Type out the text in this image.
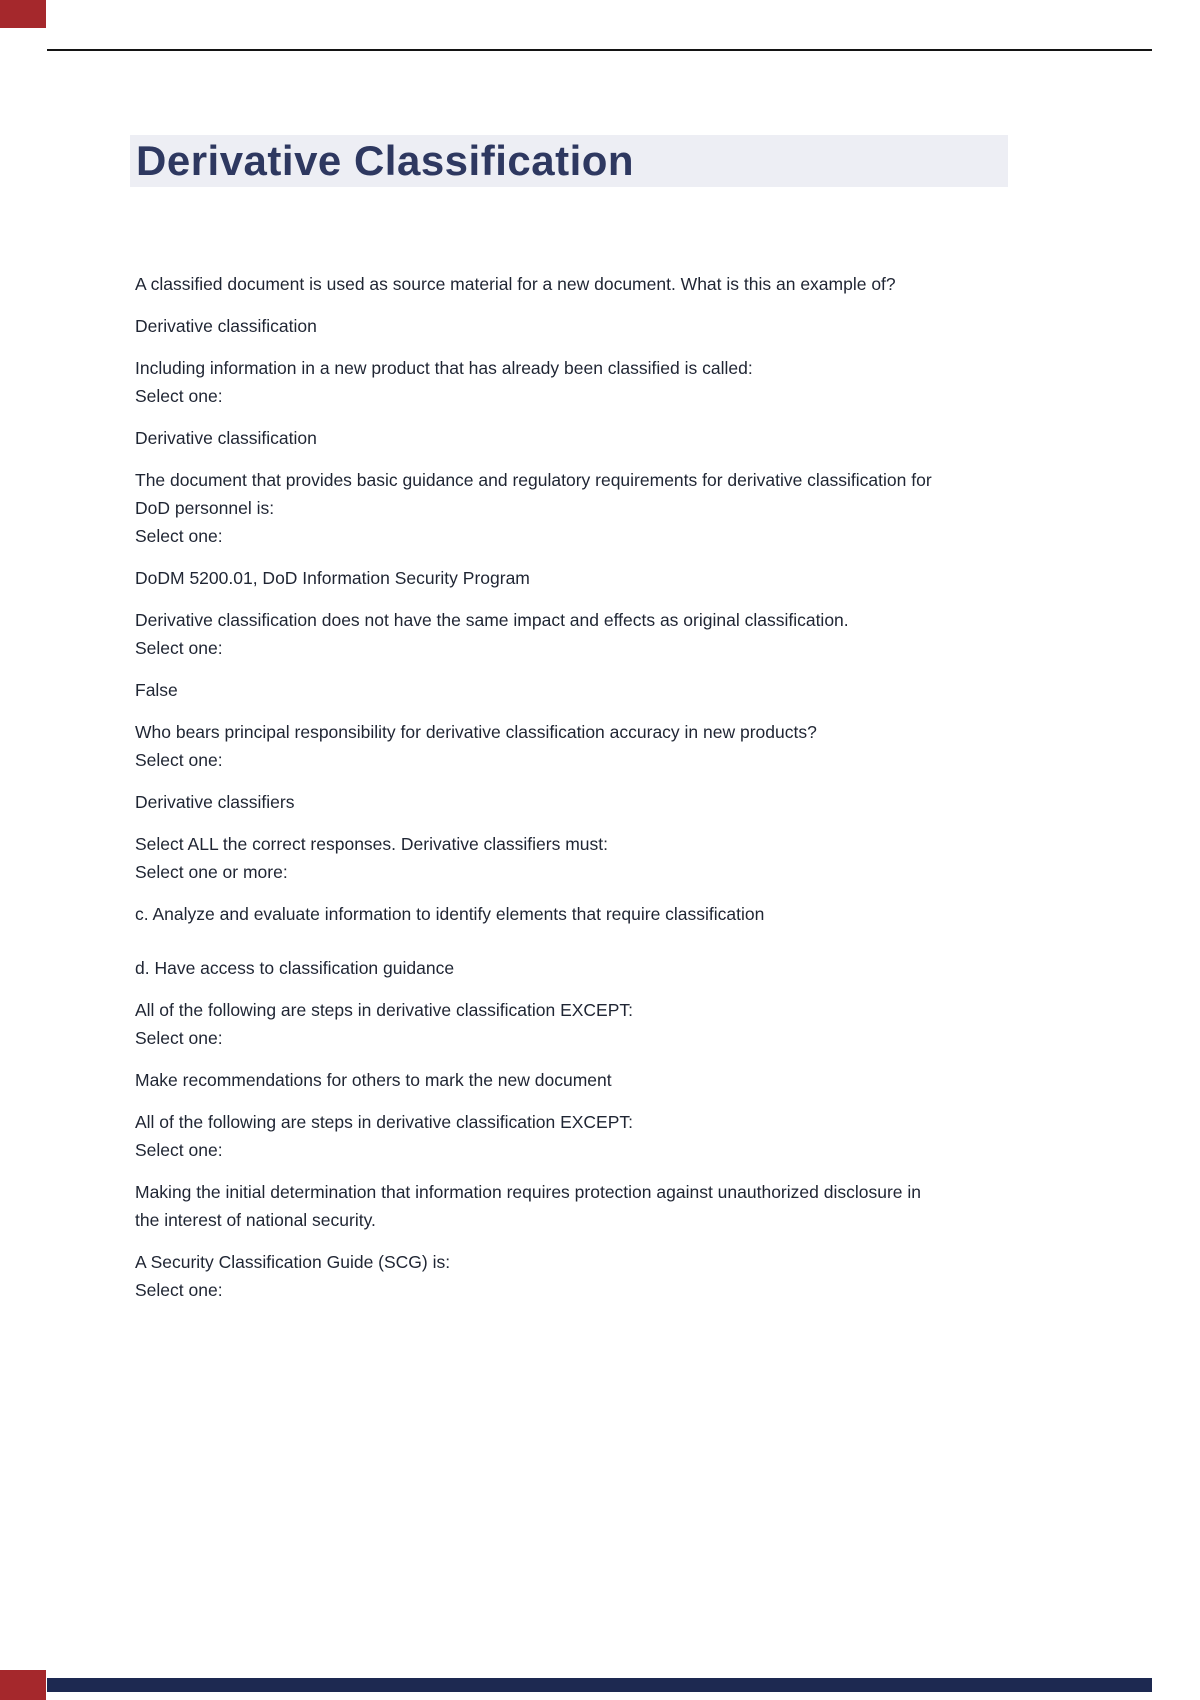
Derivative Classification
A classified document is used as source material for a new document. What is this an example of?
Derivative classification
Including information in a new product that has already been classified is called:
Select one:
Derivative classification
The document that provides basic guidance and regulatory requirements for derivative classification for
DoD personnel is:
Select one:
DoDM 5200.01, DoD Information Security Program
Derivative classification does not have the same impact and effects as original classification.
Select one:
False
Who bears principal responsibility for derivative classification accuracy in new products?
Select one:
Derivative classifiers
Select ALL the correct responses. Derivative classifiers must:
Select one or more:
c. Analyze and evaluate information to identify elements that require classification
d. Have access to classification guidance
All of the following are steps in derivative classification EXCEPT:
Select one:
Make recommendations for others to mark the new document
All of the following are steps in derivative classification EXCEPT:
Select one:
Making the initial determination that information requires protection against unauthorized disclosure in
the interest of national security.
A Security Classification Guide (SCG) is:
Select one:
